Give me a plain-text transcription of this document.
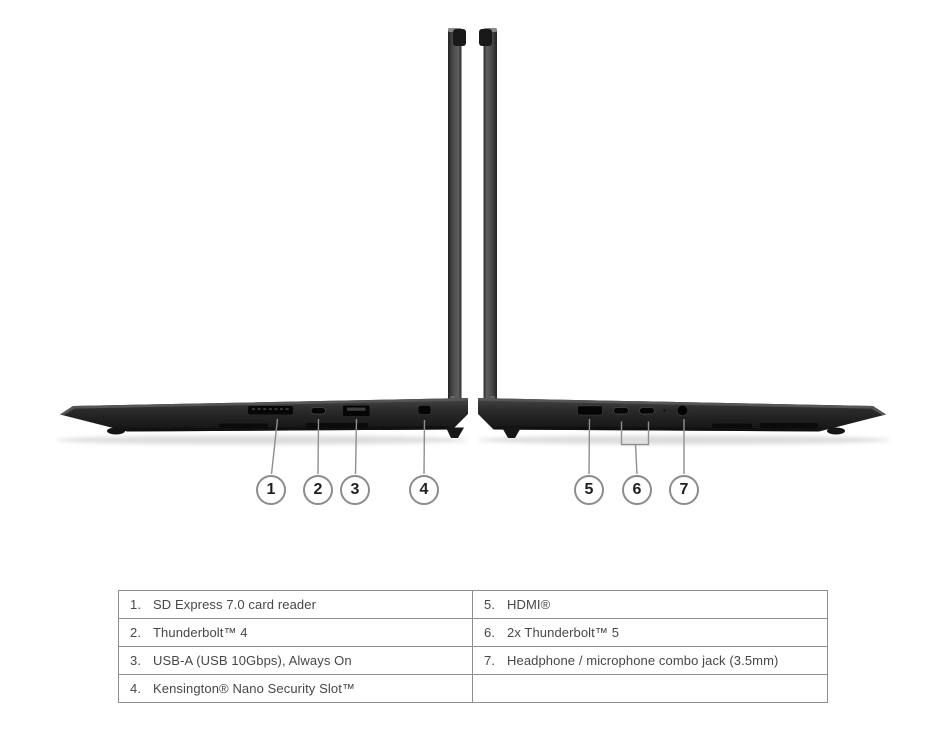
1 2 3	4	5 6 7
1. SD Express 7.0 card reader	5. HDMI®
2. Thunderbolt™ 4	6. 2x Thunderbolt™ 5
3. USB-A (USB 10Gbps), Always On	7. Headphone / microphone combo jack (3.5mm)
4. Kensington® Nano Security Slot™
